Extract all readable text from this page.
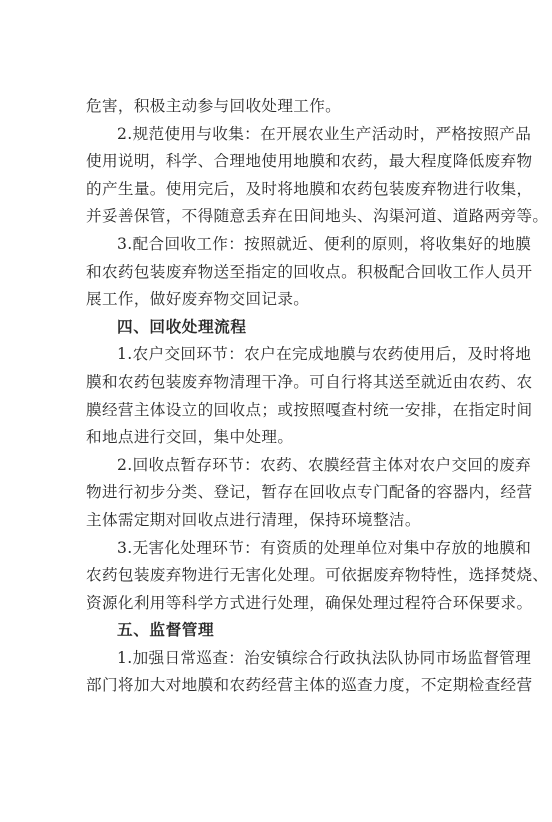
危害，积极主动参与回收处理工作。
2.规范使用与收集：在开展农业生产活动时，严格按照产品
使用说明，科学、合理地使用地膜和农药，最大程度降低废弃物
的产生量。使用完后，及时将地膜和农药包装废弃物进行收集，
并妥善保管，不得随意丢弃在田间地头、沟渠河道、道路两旁等。
3.配合回收工作：按照就近、便利的原则，将收集好的地膜
和农药包装废弃物送至指定的回收点。积极配合回收工作人员开
展工作，做好废弃物交回记录。
四、回收处理流程
1.农户交回环节：农户在完成地膜与农药使用后，及时将地
膜和农药包装废弃物清理干净。可自行将其送至就近由农药、农
膜经营主体设立的回收点；或按照嘎查村统一安排，在指定时间
和地点进行交回，集中处理。
2.回收点暂存环节：农药、农膜经营主体对农户交回的废弃
物进行初步分类、登记，暂存在回收点专门配备的容器内，经营
主体需定期对回收点进行清理，保持环境整洁。
3.无害化处理环节：有资质的处理单位对集中存放的地膜和
农药包装废弃物进行无害化处理。可依据废弃物特性，选择焚烧、
资源化利用等科学方式进行处理，确保处理过程符合环保要求。
五、监督管理
1.加强日常巡查：治安镇综合行政执法队协同市场监督管理
部门将加大对地膜和农药经营主体的巡查力度，不定期检查经营
